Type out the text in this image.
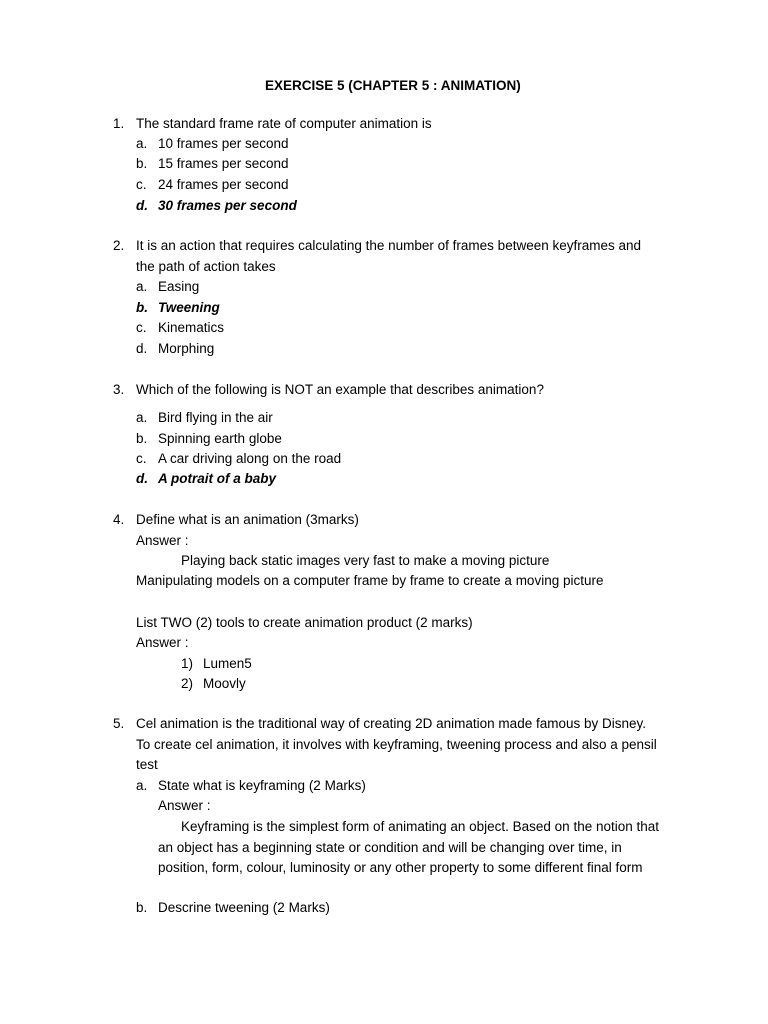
EXERCISE 5 (CHAPTER 5 : ANIMATION)
1. The standard frame rate of computer animation is
a. 10 frames per second
b. 15 frames per second
c. 24 frames per second
d. 30 frames per second
2. It is an action that requires calculating the number of frames between keyframes and
the path of action takes
a. Easing
b. Tweening
c. Kinematics
d. Morphing
3. Which of the following is NOT an example that describes animation?
a. Bird flying in the air
b. Spinning earth globe
c. A car driving along on the road
d. A potrait of a baby
4. Define what is an animation (3marks)
Answer :
Playing back static images very fast to make a moving picture
Manipulating models on a computer frame by frame to create a moving picture
List TWO (2) tools to create animation product (2 marks)
Answer :
1) Lumen5
2) Moovly
5. Cel animation is the traditional way of creating 2D animation made famous by Disney.
To create cel animation, it involves with keyframing, tweening process and also a pensil
test
a. State what is keyframing (2 Marks)
Answer :
Keyframing is the simplest form of animating an object. Based on the notion that
an object has a beginning state or condition and will be changing over time, in
position, form, colour, luminosity or any other property to some different final form
b. Descrine tweening (2 Marks)
